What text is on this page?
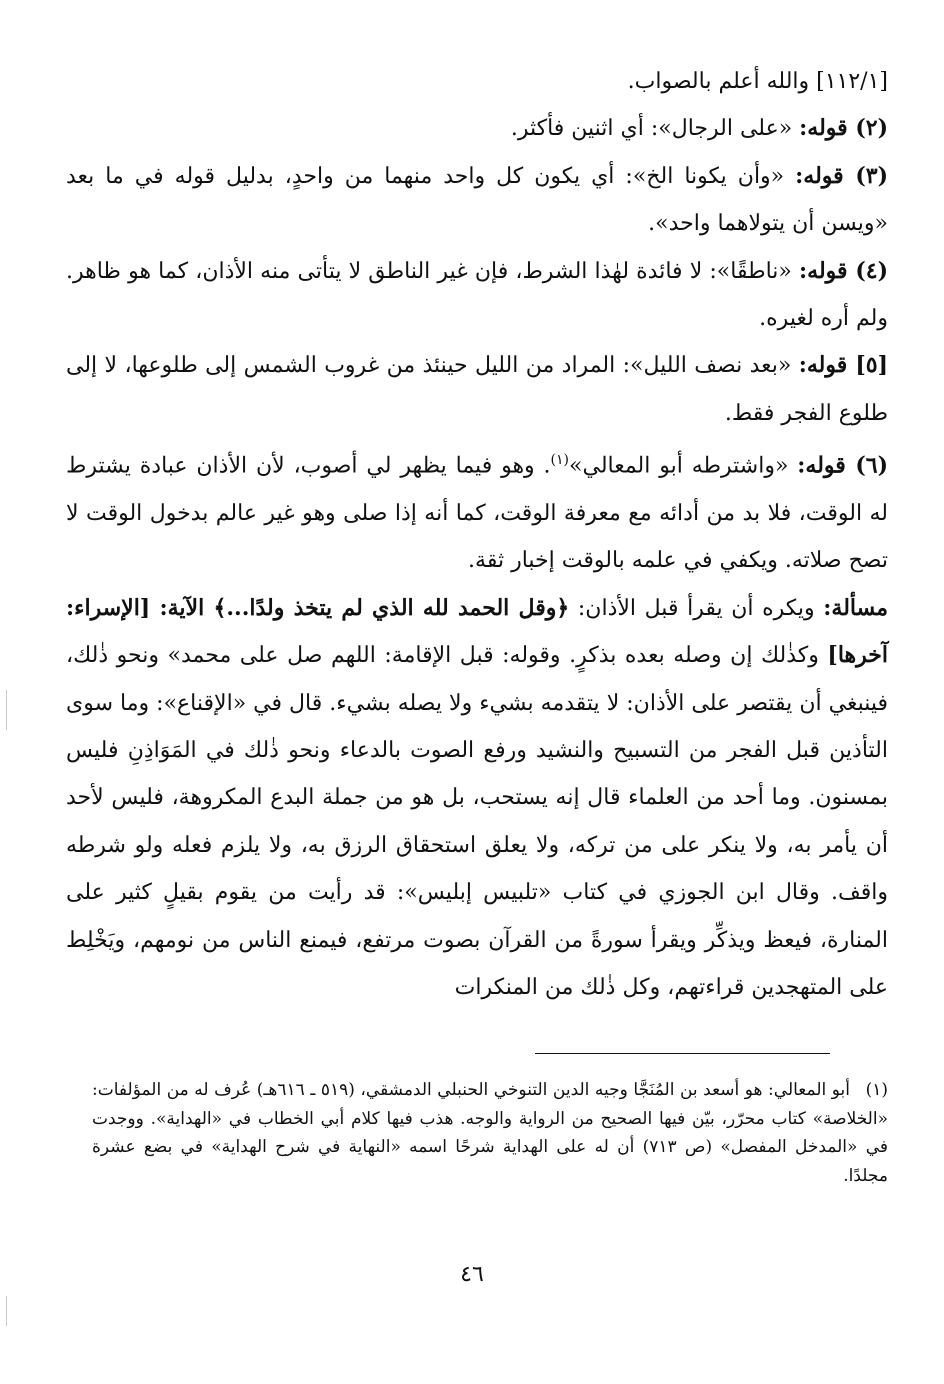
[١١٢/١] والله أعلم بالصواب.

(٢) قوله: «على الرجال»: أي اثنين فأكثر.

(٣) قوله: «وأن يكونا الخ»: أي يكون كل واحد منهما من واحدٍ، بدليل قوله في ما بعد «ويسن أن يتولاهما واحد».

(٤) قوله: «ناطقًا»: لا فائدة لهٰذا الشرط، فإن غير الناطق لا يتأتى منه الأذان، كما هو ظاهر. ولم أره لغيره.

[٥] قوله: «بعد نصف الليل»: المراد من الليل حينئذ من غروب الشمس إلى طلوعها، لا إلى طلوع الفجر فقط.

(٦) قوله: «واشترطه أبو المعالي»$^{(١)}$. وهو فيما يظهر لي أصوب، لأن الأذان عبادة يشترط له الوقت، فلا بد من أدائه مع معرفة الوقت، كما أنه إذا صلى وهو غير عالم بدخول الوقت لا تصح صلاته. ويكفي في علمه بالوقت إخبار ثقة.

مسألة: ويكره أن يقرأ قبل الأذان: ﴿وقل الحمد لله الذي لم يتخذ ولدًا...﴾ الآية: [الإسراء: آخرها] وكذٰلك إن وصله بعده بذكرٍ. وقوله: قبل الإقامة: اللهم صل على محمد» ونحو ذٰلك، فينبغي أن يقتصر على الأذان: لا يتقدمه بشيء ولا يصله بشيء. قال في «الإقناع»: وما سوى التأذين قبل الفجر من التسبيح والنشيد ورفع الصوت بالدعاء ونحو ذٰلك في المَوَاذِنِ فليس بمسنون. وما أحد من العلماء قال إنه يستحب، بل هو من جملة البدع المكروهة، فليس لأحد أن يأمر به، ولا ينكر على من تركه، ولا يعلق استحقاق الرزق به، ولا يلزم فعله ولو شرطه واقف. وقال ابن الجوزي في كتاب «تلبيس إبليس»: قد رأيت من يقوم بقيلٍ كثير على المنارة، فيعظ ويذكِّر ويقرأ سورةً من القرآن بصوت مرتفع، فيمنع الناس من نومهم، ويَخْلِط على المتهجدين قراءتهم، وكل ذٰلك من المنكرات

(١)أبو المعالي: هو أسعد بن المُنَجَّا وجيه الدين التنوخي الحنبلي الدمشقي، (٥١٩ ـ ٦١٦هـ) عُرف له من المؤلفات: «الخلاصة» كتاب محرّر، بيّن فيها الصحيح من الرواية والوجه. هذب فيها كلام أبي الخطاب في «الهداية». ووجدت في «المدخل المفصل» (ص ٧١٣) أن له على الهداية شرحًا اسمه «النهاية في شرح الهداية» في بضع عشرة مجلدًا.

٤٦
